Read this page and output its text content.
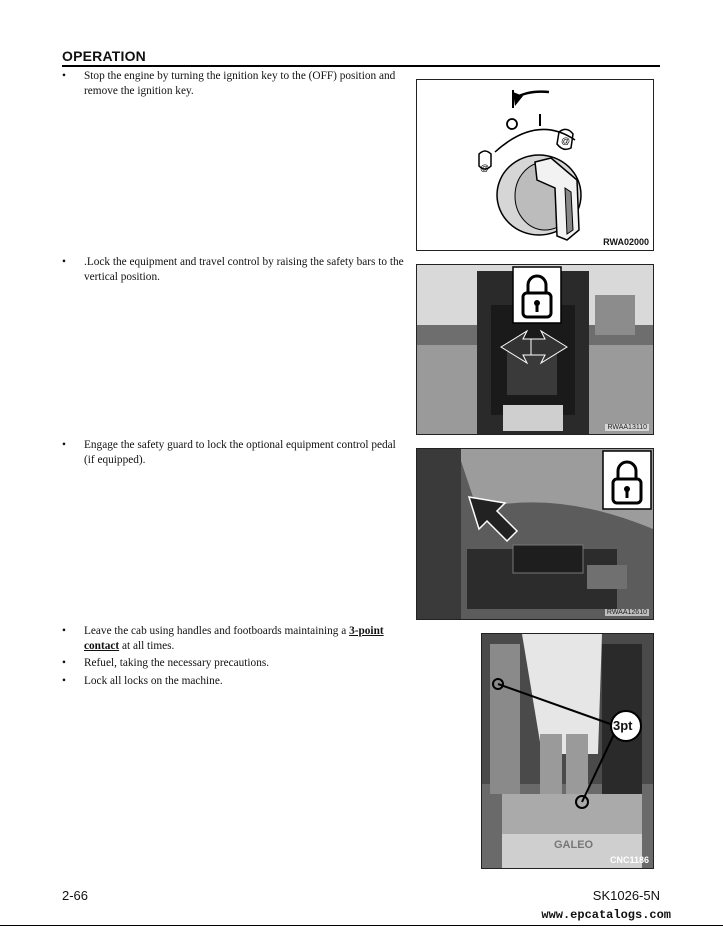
OPERATION
•	Stop the engine by turning the ignition key to the (OFF) position and remove the ignition key.
@
@
RWA02000
•	.Lock the equipment and travel control by raising the safety bars to the vertical position.
RWAA13110
•	Engage the safety guard to lock the optional equipment control pedal (if equipped).
RWAA12610
•	Leave the cab using handles and footboards maintaining a 3-point contact at all times.
•	Refuel, taking the necessary precautions.
•	Lock all locks on the machine.
3pt
GALEO
CNC1186
2-66	SK1026-5N
www.epcatalogs.com
